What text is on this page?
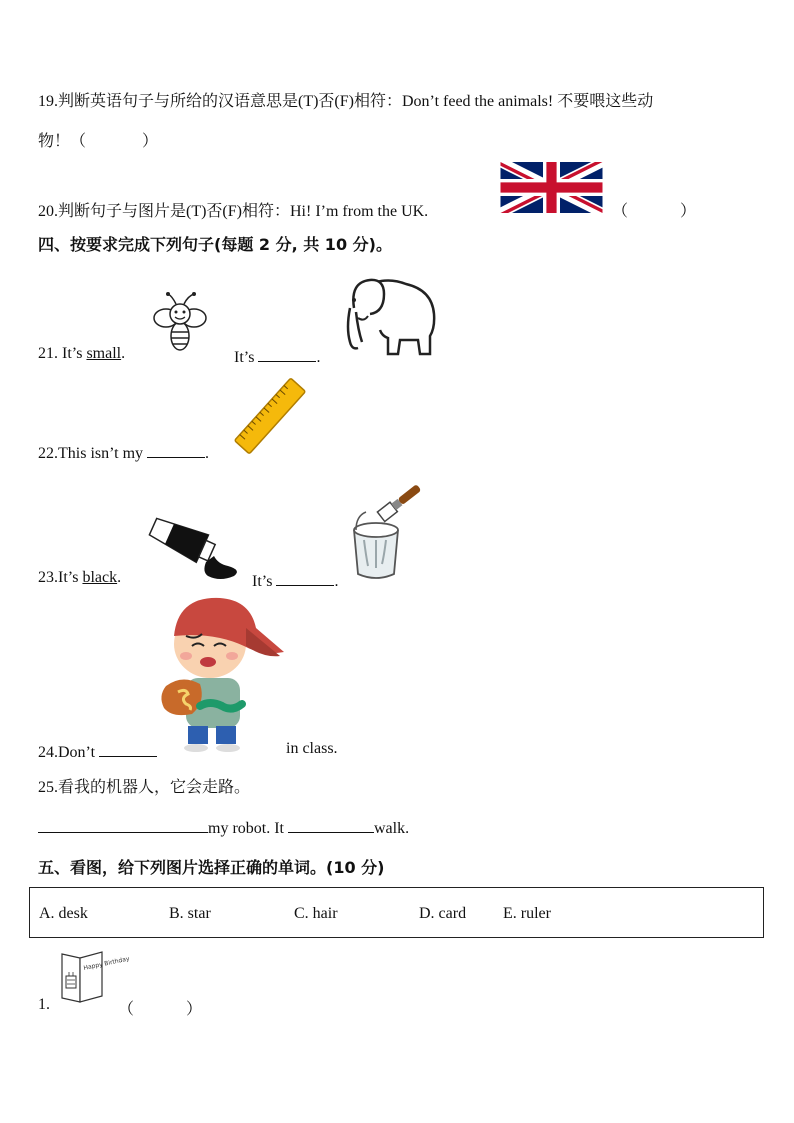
19.判断英语句子与所给的汉语意思是(T)否(F)相符：Don’t feed the animals! 不要喂这些动
物！（	）
20.判断句子与图片是(T)否(F)相符：Hi! I’m from the UK.	（	）
四、按要求完成下列句子(每题 2 分, 共 10 分)。
21. It’s small.	It’s	.
22.This isn’t my	.
23.It’s black.	It’s	.
24.Don’t	in class.
25.看我的机器人，它会走路。
my robot. It	walk.
五、看图，给下列图片选择正确的单词。(10 分)
A. desk	B. star	C. hair	D. card E. ruler
1.
Happy Birthday
（	）
